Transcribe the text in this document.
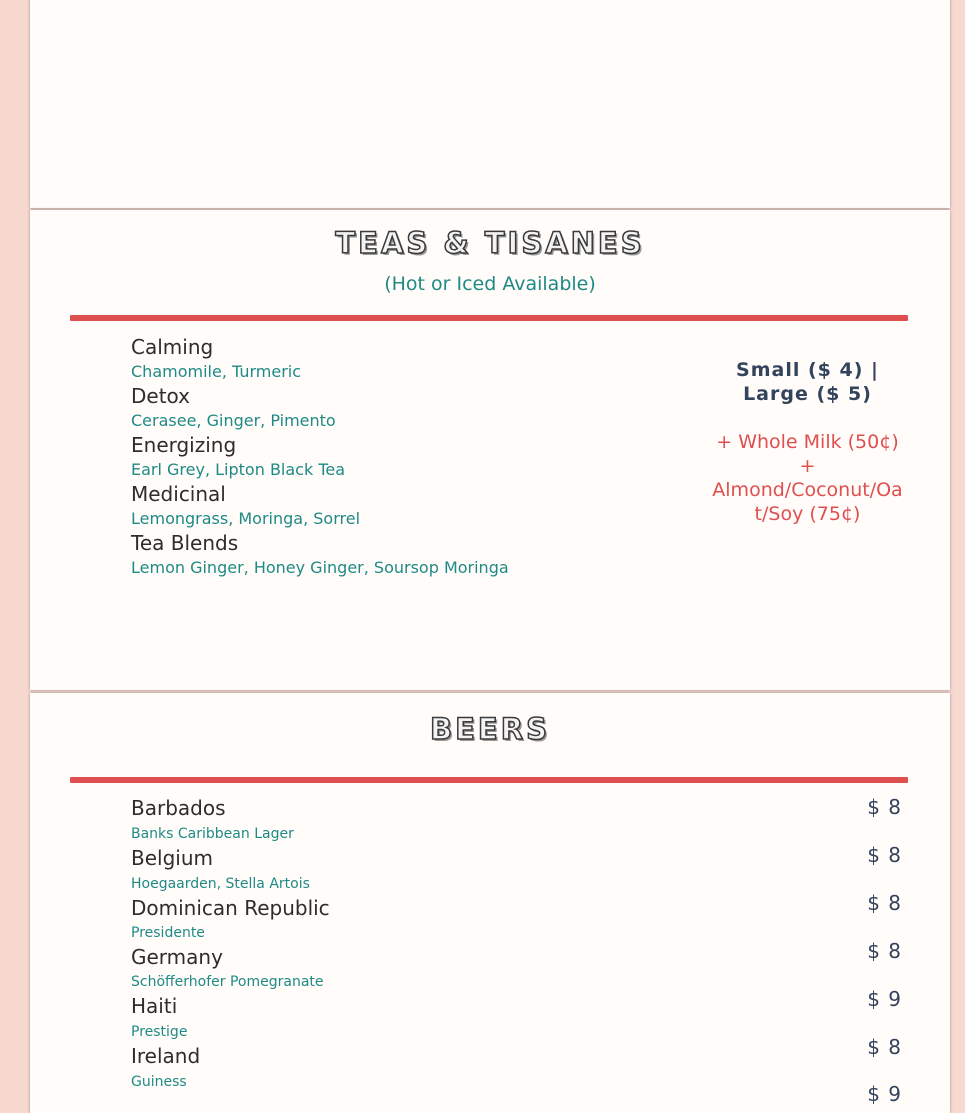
TEAS & TISANES
(Hot or Iced Available)
Calming
Chamomile, Turmeric
Detox
Cerasee, Ginger, Pimento
Energizing
Earl Grey, Lipton Black Tea
Medicinal
Lemongrass, Moringa, Sorrel
Tea Blends
Lemon Ginger, Honey Ginger, Soursop Moringa
Small ($ 4) |
Large ($ 5)
+ Whole Milk (50¢)
+
Almond/Coconut/Oat/Soy (75¢)
BEERS
Barbados
Banks Caribbean Lager
$ 8
Belgium
Hoegaarden, Stella Artois
$ 8
Dominican Republic
Presidente
$ 8
Germany
Schöfferhofer Pomegranate
$ 8
Haiti
Prestige
$ 9
Ireland
Guiness
$ 8
$ 9
